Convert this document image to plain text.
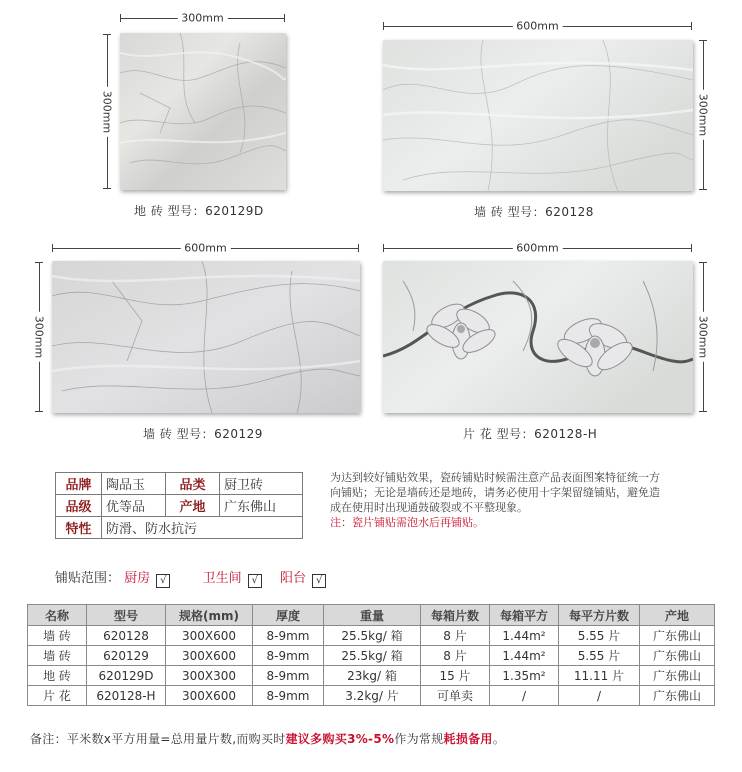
300mm
300mm
地 砖 型号：620129D
600mm
300mm
墙 砖 型号：620128
600mm
300mm
墙 砖 型号：620129
600mm
300mm
片 花 型号：620128-H
品牌	陶品玉	品类	厨卫砖
品级	优等品	产地	广东佛山
特性	防滑、防水抗污		
为达到较好铺贴效果，瓷砖铺贴时候需注意产品表面图案特征统一方向铺贴；无论是墙砖还是地砖，请务必使用十字架留缝铺贴，避免造成在使用时出现通鼓破裂或不平整现象。
注：瓷片铺贴需泡水后再铺贴。
铺贴范围： 厨房 √	卫生间 √ 阳台 √
名称	型号	规格(mm)	厚度	重量	每箱片数	每箱平方	每平方片数	产地
墙 砖	620128	300X600	8-9mm	25.5kg/ 箱	8 片	1.44m²	5.55 片	广东佛山
墙 砖	620129	300X600	8-9mm	25.5kg/ 箱	8 片	1.44m²	5.55 片	广东佛山
地 砖	620129D	300X300	8-9mm	23kg/ 箱	15 片	1.35m²	11.11 片	广东佛山
片 花	620128-H	300X600	8-9mm	3.2kg/ 片	可单卖	/	/	广东佛山
备注：平米数x平方用量=总用量片数,而购买时建议多购买3%-5%作为常规耗损备用。
